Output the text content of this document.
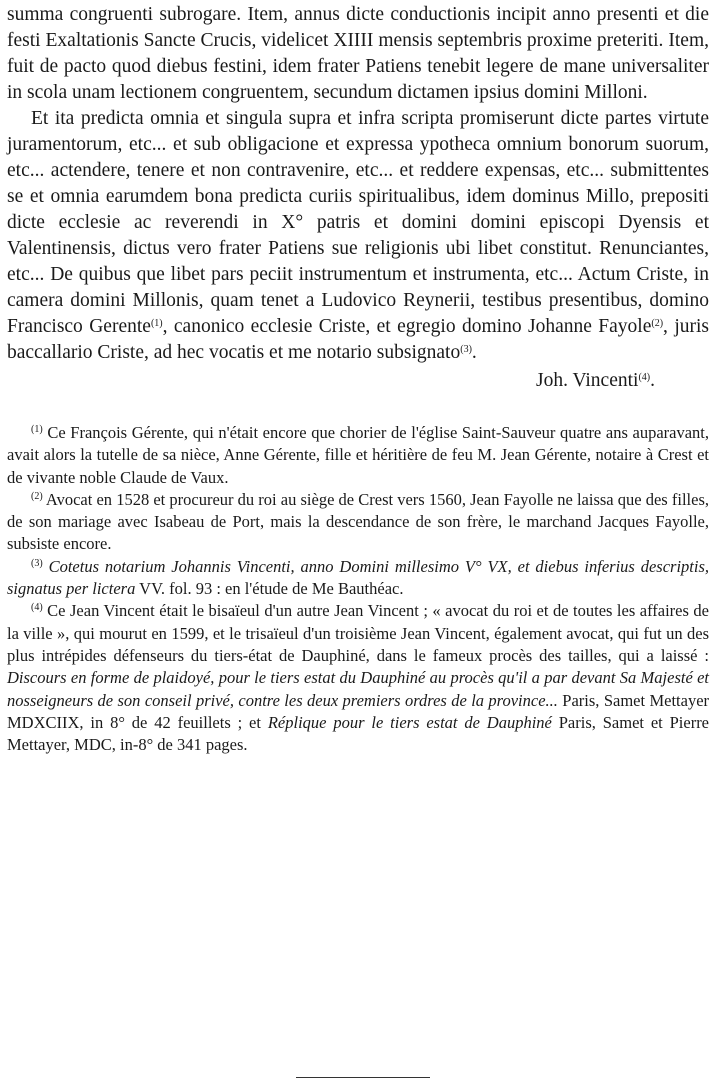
summa congruenti subrogare. Item, annus dicte conductionis incipit anno presenti et die festi Exaltationis Sancte Crucis, videlicet XIIII mensis septembris proxime preteriti. Item, fuit de pacto quod diebus festini, idem frater Patiens tenebit legere de mane universaliter in scola unam lectionem congruentem, secundum dictamen ipsius domini Milloni.

Et ita predicta omnia et singula supra et infra scripta promiserunt dicte partes virtute juramentorum, etc... et sub obligacione et expressa ypotheca omnium bonorum suorum, etc... actendere, tenere et non contravenire, etc... et reddere expensas, etc... submittentes se et omnia earumdem bona predicta curiis spiritualibus, idem dominus Millo, prepositi dicte ecclesie ac reverendi in X° patris et domini domini episcopi Dyensis et Valentinensis, dictus vero frater Patiens sue religionis ubi libet constitut. Renunciantes, etc... De quibus que libet pars peciit instrumentum et instrumenta, etc... Actum Criste, in camera domini Millonis, quam tenet a Ludovico Reynerii, testibus presentibus, domino Francisco Gerente$^{(1)}$, canonico ecclesie Criste, et egregio domino Johanne Fayole$^{(2)}$, juris baccallario Criste, ad hec vocatis et me notario subsignato$^{(3)}$.

Joh. Vincenti$^{(4)}$.

$^{(1)}$ Ce François Gérente, qui n'était encore que chorier de l'église Saint-Sauveur quatre ans auparavant, avait alors la tutelle de sa nièce, Anne Gérente, fille et héritière de feu M. Jean Gérente, notaire à Crest et de vivante noble Claude de Vaux.

$^{(2)}$ Avocat en 1528 et procureur du roi au siège de Crest vers 1560, Jean Fayolle ne laissa que des filles, de son mariage avec Isabeau de Port, mais la descendance de son frère, le marchand Jacques Fayolle, subsiste encore.

$^{(3)}$ Cotetus notarium Johannis Vincenti, anno Domini millesimo V° VX, et diebus inferius descriptis, signatus per lictera VV. fol. 93 : en l'étude de Me Bauthéac.

$^{(4)}$ Ce Jean Vincent était le bisaïeul d'un autre Jean Vincent ; « avocat du roi et de toutes les affaires de la ville », qui mourut en 1599, et le trisaïeul d'un troisième Jean Vincent, également avocat, qui fut un des plus intrépides défenseurs du tiers-état de Dauphiné, dans le fameux procès des tailles, qui a laissé : Discours en forme de plaidoyé, pour le tiers estat du Dauphiné au procès qu'il a par devant Sa Majesté et nosseigneurs de son conseil privé, contre les deux premiers ordres de la province... Paris, Samet Mettayer MDXCIIX, in 8° de 42 feuillets ; et Réplique pour le tiers estat de Dauphiné Paris, Samet et Pierre Mettayer, MDC, in-8° de 341 pages.
